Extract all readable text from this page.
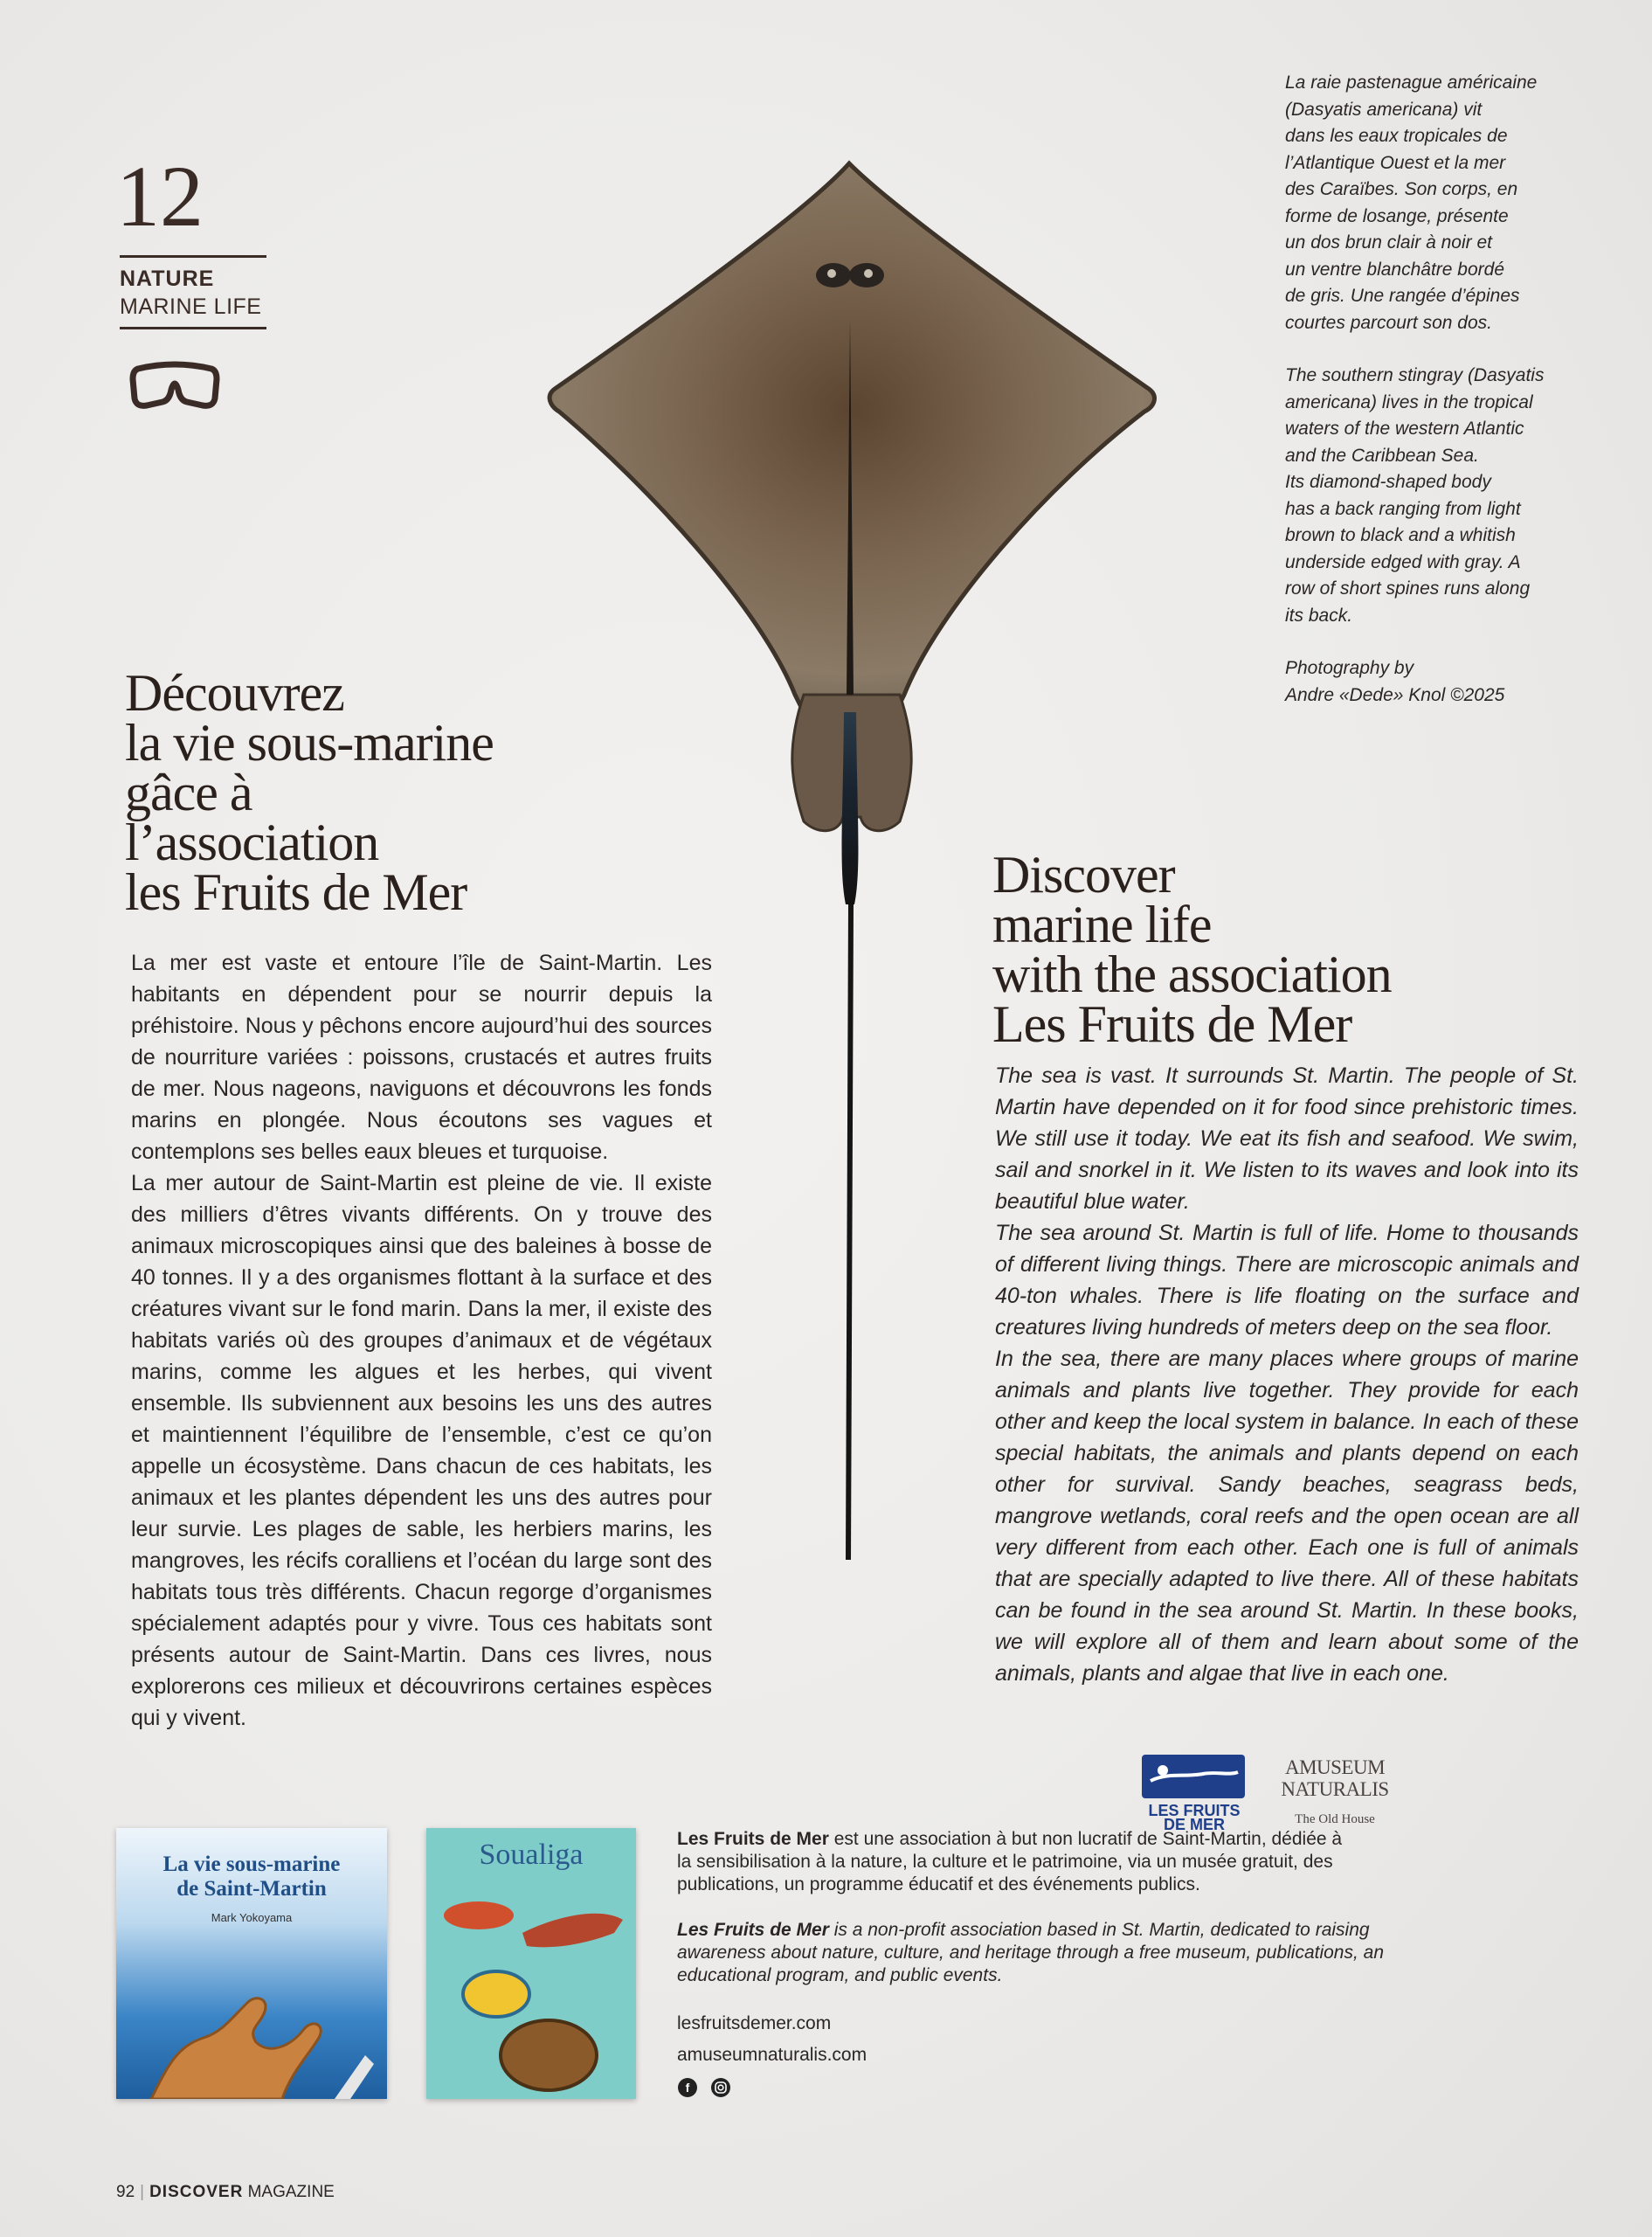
12
NATURE
MARINE LIFE
La raie pastenague américaine
(Dasyatis americana) vit
dans les eaux tropicales de
l’Atlantique Ouest et la mer
des Caraïbes. Son corps, en
forme de losange, présente
un dos brun clair à noir et
un ventre blanchâtre bordé
de gris. Une rangée d’épines
courtes parcourt son dos.
The southern stingray (Dasyatis
americana) lives in the tropical
waters of the western Atlantic
and the Caribbean Sea.
Its diamond-shaped body
has a back ranging from light
brown to black and a whitish
underside edged with gray. A
row of short spines runs along
its back.
Photography by
Andre «Dede» Knol ©2025
Découvrez
la vie sous-marine
gâce à
l’association
les Fruits de Mer	Discover
marine life
with the association
Les Fruits de Mer
La mer est vaste et entoure l’île de Saint-Martin. Les habitants en dépendent pour se nourrir depuis la préhistoire. Nous y pêchons encore aujourd’hui des sources de nourriture variées : poissons, crustacés et autres fruits de mer. Nous nageons, naviguons et découvrons les fonds marins en plongée. Nous écoutons ses vagues et contemplons ses belles eaux bleues et turquoise.
La mer autour de Saint-Martin est pleine de vie. Il existe des milliers d’êtres vivants différents. On y trouve des animaux microscopiques ainsi que des baleines à bosse de 40 tonnes. Il y a des organismes flottant à la surface et des créatures vivant sur le fond marin. Dans la mer, il existe des habitats variés où des groupes d’animaux et de végétaux marins, comme les algues et les herbes, qui vivent ensemble. Ils subviennent aux besoins les uns des autres et maintiennent l’équilibre de l’ensemble, c’est ce qu’on appelle un écosystème. Dans chacun de ces habitats, les animaux et les plantes dépendent les uns des autres pour leur survie. Les plages de sable, les herbiers marins, les mangroves, les récifs coralliens et l’océan du large sont des habitats tous très différents. Chacun regorge d’organismes spécialement adaptés pour y vivre. Tous ces habitats sont présents autour de Saint-Martin. Dans ces livres, nous explorerons ces milieux et découvrirons certaines espèces qui y vivent.
The sea is vast. It surrounds St. Martin. The people of St. Martin have depended on it for food since prehistoric times. We still use it today. We eat its fish and seafood. We swim, sail and snorkel in it. We listen to its waves and look into its beautiful blue water.
The sea around St. Martin is full of life. Home to thousands of different living things. There are microscopic animals and 40-ton whales. There is life floating on the surface and creatures living hundreds of meters deep on the sea floor.
In the sea, there are many places where groups of marine animals and plants live together. They provide for each other and keep the local system in balance. In each of these special habitats, the animals and plants depend on each other for survival. Sandy beaches, seagrass beds, mangrove wetlands, coral reefs and the open ocean are all very different from each other. Each one is full of animals that are specially adapted to live there. All of these habitats can be found in the sea around St. Martin. In these books, we will explore all of them and learn about some of the animals, plants and algae that live in each one.
La vie sous-marine
de Saint-Martin
Mark Yokoyama
Soualiga	Les Fruits de Mer est une association à but non lucratif de Saint-Martin, dédiée à
la sensibilisation à la nature, la culture et le patrimoine, via un musée gratuit, des
publications, un programme éducatif et des événements publics.
Les Fruits de Mer is a non-profit association based in St. Martin, dedicated to raising
awareness about nature, culture, and heritage through a free museum, publications, an
educational program, and public events.
lesfruitsdemer.com
amuseumnaturalis.com
f
LES FRUITS
DE MER
AMUSEUM
NATURALIS
The Old House
92 | DISCOVER MAGAZINE
